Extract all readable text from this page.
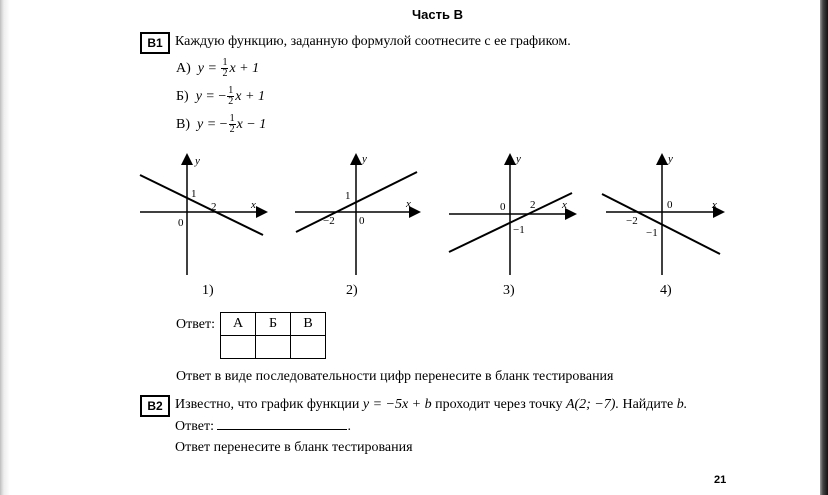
Часть B
B1 Каждую функцию, заданную формулой соотнесите с ее графиком.
А)
y =
$\frac{1}{2}$ x + 1
Б)
y =
− $\frac{1}{2}$ x + 1
В)
y =
− $\frac{1}{2}$ x − 1
y
x
0
1
2
1)
y
x
0
1
−2
2)
y
x
0
−1
2
3)
y
x
0
−1
−2
4)
Ответ: А	Б	В

Ответ в виде последовательности цифр перенесите в бланк тестирования
B2 Известно, что график функции y = −5x + b проходит через точку A(2; −7). Найдите b.
Ответ:	.
Ответ перенесите в бланк тестирования
21
